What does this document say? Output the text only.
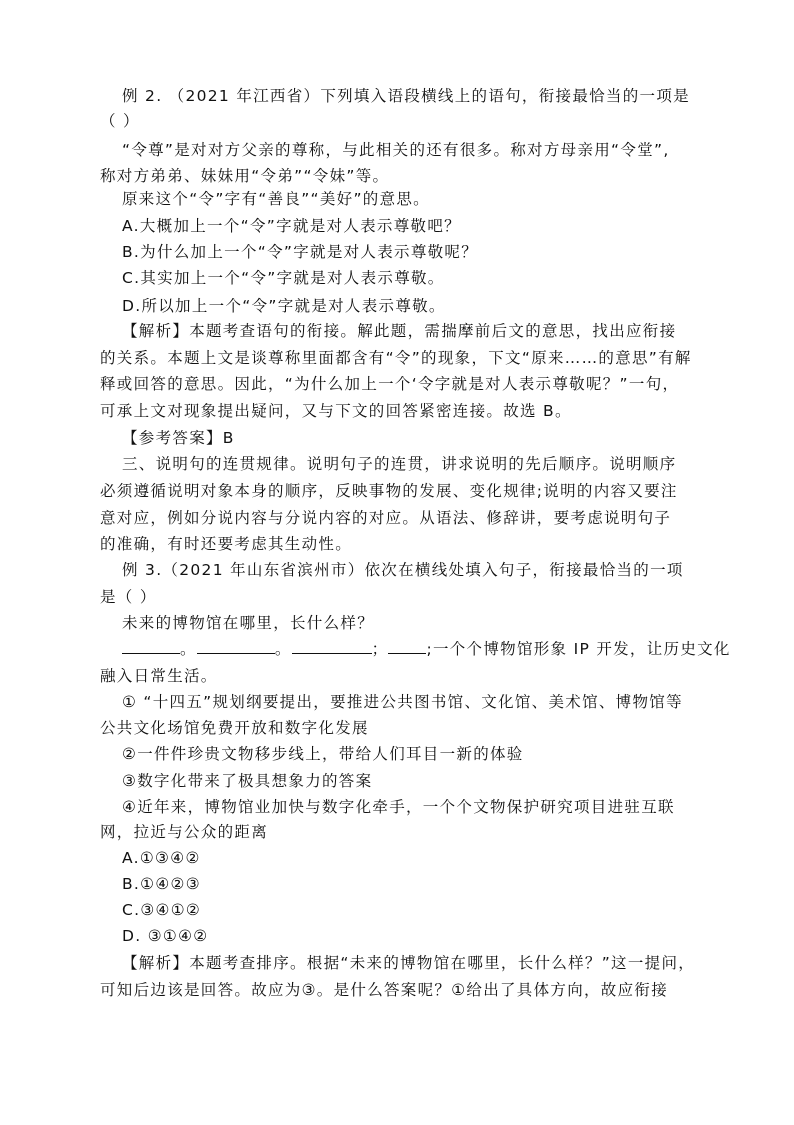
例 2. （2021 年江西省）下列填入语段横线上的语句，衔接最恰当的一项是
（ ）
“令尊”是对对方父亲的尊称，与此相关的还有很多。称对方母亲用“令堂”,
称对方弟弟、妹妹用“令弟”“令妹”等。
原来这个“令”字有“善良”“美好”的意思。
A.大概加上一个“令”字就是对人表示尊敬吧？
B.为什么加上一个“令”字就是对人表示尊敬呢？
C.其实加上一个“令”字就是对人表示尊敬。
D.所以加上一个“令”字就是对人表示尊敬。
【解析】本题考查语句的衔接。解此题，需揣摩前后文的意思，找出应衔接
的关系。本题上文是谈尊称里面都含有“令”的现象，下文“原来……的意思”有解
释或回答的意思。因此，“为什么加上一个‘令字就是对人表示尊敬呢？”一句，
可承上文对现象提出疑问，又与下文的回答紧密连接。故选 B。
【参考答案】B
三、说明句的连贯规律。说明句子的连贯，讲求说明的先后顺序。说明顺序
必须遵循说明对象本身的顺序，反映事物的发展、变化规律;说明的内容又要注
意对应，例如分说内容与分说内容的对应。从语法、修辞讲，要考虑说明句子
的准确，有时还要考虑其生动性。
例 3.（2021 年山东省滨州市）依次在横线处填入句子，衔接最恰当的一项
是（ ）
未来的博物馆在哪里，长什么样？
。	。	； ;一个个博物馆形象 IP 开发，让历史文化
融入日常生活。
① “十四五”规划纲要提出，要推进公共图书馆、文化馆、美术馆、博物馆等
公共文化场馆免费开放和数字化发展
②一件件珍贵文物移步线上，带给人们耳目一新的体验
③数字化带来了极具想象力的答案
④近年来，博物馆业加快与数字化牵手，一个个文物保护研究项目进驻互联
网，拉近与公众的距离
A.①③④②
B.①④②③
C.③④①②
D. ③①④②
【解析】本题考查排序。根据“未来的博物馆在哪里，长什么样？”这一提问，
可知后边该是回答。故应为③。是什么答案呢？①给出了具体方向，故应衔接
